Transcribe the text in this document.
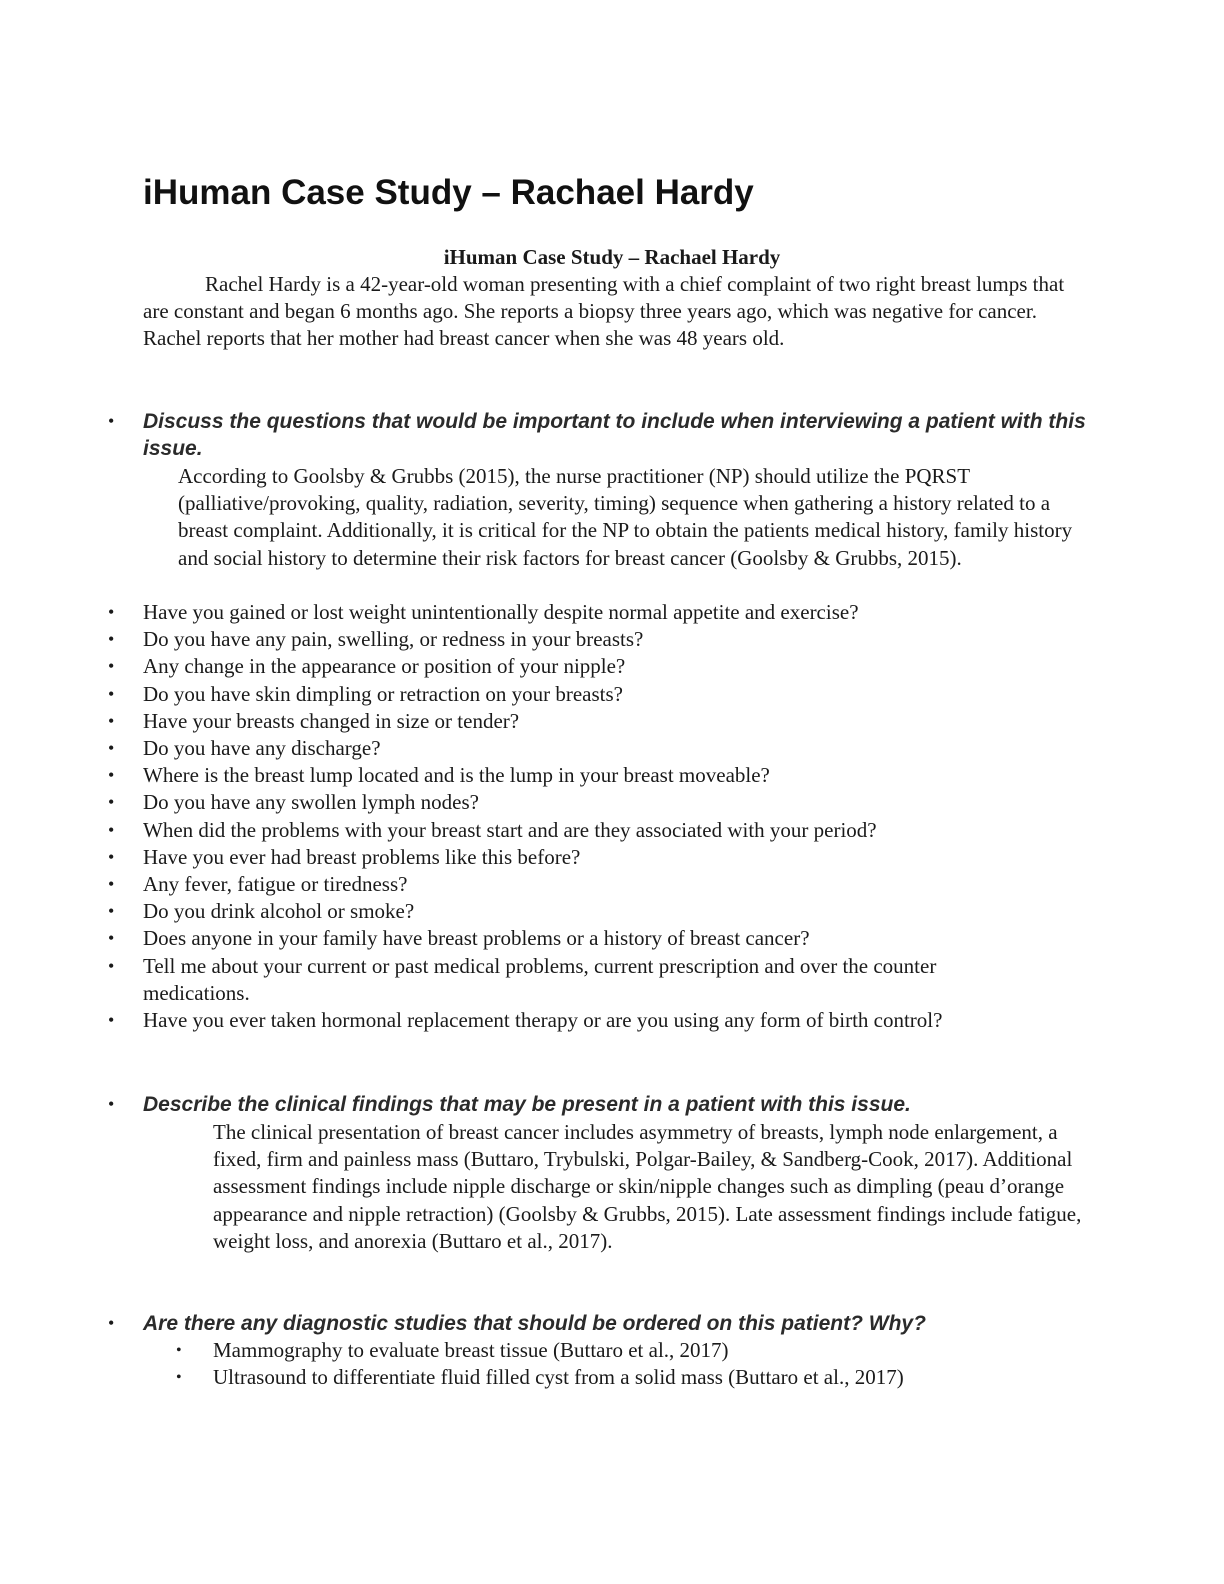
iHuman Case Study – Rachael Hardy

iHuman Case Study – Rachael Hardy

Rachel Hardy is a 42-year-old woman presenting with a chief complaint of two right breast lumps that are constant and began 6 months ago. She reports a biopsy three years ago, which was negative for cancer. Rachel reports that her mother had breast cancer when she was 48 years old.

• Discuss the questions that would be important to include when interviewing a patient with this issue.

According to Goolsby & Grubbs (2015), the nurse practitioner (NP) should utilize the PQRST (palliative/provoking, quality, radiation, severity, timing) sequence when gathering a history related to a breast complaint. Additionally, it is critical for the NP to obtain the patients medical history, family history and social history to determine their risk factors for breast cancer (Goolsby & Grubbs, 2015).

• Have you gained or lost weight unintentionally despite normal appetite and exercise?
• Do you have any pain, swelling, or redness in your breasts?
• Any change in the appearance or position of your nipple?
• Do you have skin dimpling or retraction on your breasts?
• Have your breasts changed in size or tender?
• Do you have any discharge?
• Where is the breast lump located and is the lump in your breast moveable?
• Do you have any swollen lymph nodes?
• When did the problems with your breast start and are they associated with your period?
• Have you ever had breast problems like this before?
• Any fever, fatigue or tiredness?
• Do you drink alcohol or smoke?
• Does anyone in your family have breast problems or a history of breast cancer?
• Tell me about your current or past medical problems, current prescription and over the counter medications.
• Have you ever taken hormonal replacement therapy or are you using any form of birth control?
• Describe the clinical findings that may be present in a patient with this issue.

The clinical presentation of breast cancer includes asymmetry of breasts, lymph node enlargement, a fixed, firm and painless mass (Buttaro, Trybulski, Polgar-Bailey, & Sandberg-Cook, 2017). Additional assessment findings include nipple discharge or skin/nipple changes such as dimpling (peau d’orange appearance and nipple retraction) (Goolsby & Grubbs, 2015). Late assessment findings include fatigue, weight loss, and anorexia (Buttaro et al., 2017).

• Are there any diagnostic studies that should be ordered on this patient? Why?

• Mammography to evaluate breast tissue (Buttaro et al., 2017)
• Ultrasound to differentiate fluid filled cyst from a solid mass (Buttaro et al., 2017)
